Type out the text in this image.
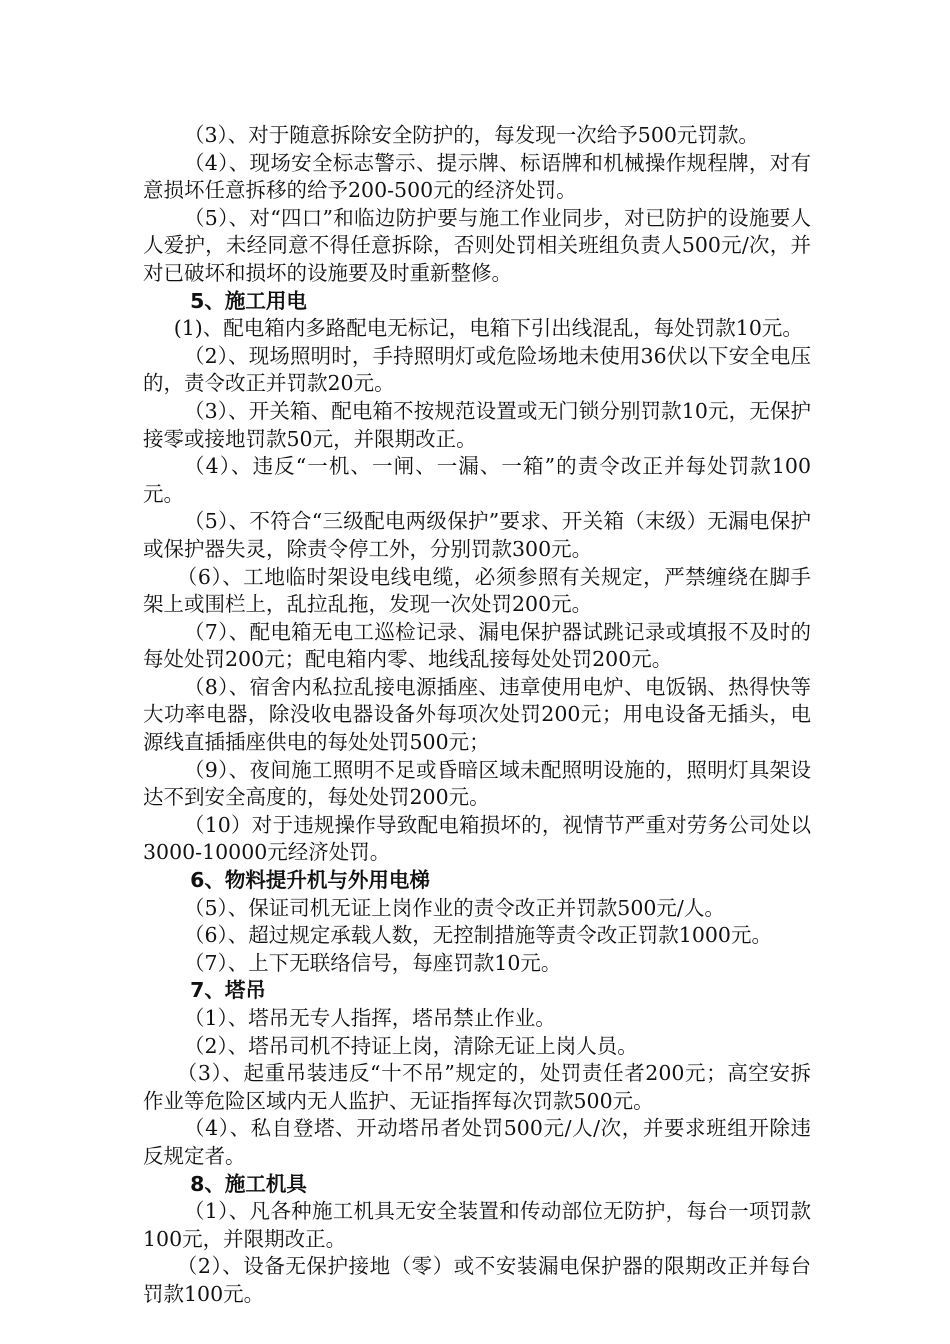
（3）、对于随意拆除安全防护的，每发现一次给予500元罚款。

（4）、现场安全标志警示、提示牌、标语牌和机械操作规程牌，对有意损坏任意拆移的给予200-500元的经济处罚。

（5）、对“四口”和临边防护要与施工作业同步，对已防护的设施要人人爱护，未经同意不得任意拆除，否则处罚相关班组负责人500元/次，并对已破坏和损坏的设施要及时重新整修。

5、施工用电

(1)、配电箱内多路配电无标记，电箱下引出线混乱，每处罚款10元。

（2）、现场照明时，手持照明灯或危险场地未使用36伏以下安全电压的，责令改正并罚款20元。

（3）、开关箱、配电箱不按规范设置或无门锁分别罚款10元，无保护接零或接地罚款50元，并限期改正。

（4）、违反“一机、一闸、一漏、一箱”的责令改正并每处罚款100元。

（5）、不符合“三级配电两级保护”要求、开关箱（末级）无漏电保护或保护器失灵，除责令停工外，分别罚款300元。

（6）、工地临时架设电线电缆，必须参照有关规定，严禁缠绕在脚手架上或围栏上，乱拉乱拖，发现一次处罚200元。

（7）、配电箱无电工巡检记录、漏电保护器试跳记录或填报不及时的每处处罚200元；配电箱内零、地线乱接每处处罚200元。

（8）、宿舍内私拉乱接电源插座、违章使用电炉、电饭锅、热得快等大功率电器，除没收电器设备外每项次处罚200元；用电设备无插头，电源线直插插座供电的每处处罚500元；

（9）、夜间施工照明不足或昏暗区域未配照明设施的，照明灯具架设达不到安全高度的，每处处罚200元。

（10）对于违规操作导致配电箱损坏的，视情节严重对劳务公司处以3000-10000元经济处罚。

6、物料提升机与外用电梯

（5）、保证司机无证上岗作业的责令改正并罚款500元/人。

（6）、超过规定承载人数，无控制措施等责令改正罚款1000元。

（7）、上下无联络信号，每座罚款10元。

7、塔吊

（1）、塔吊无专人指挥，塔吊禁止作业。

（2）、塔吊司机不持证上岗，清除无证上岗人员。

（3）、起重吊装违反“十不吊”规定的，处罚责任者200元；高空安拆作业等危险区域内无人监护、无证指挥每次罚款500元。

（4）、私自登塔、开动塔吊者处罚500元/人/次，并要求班组开除违反规定者。

8、施工机具

（1）、凡各种施工机具无安全装置和传动部位无防护，每台一项罚款100元，并限期改正。

（2）、设备无保护接地（零）或不安装漏电保护器的限期改正并每台罚款100元。
